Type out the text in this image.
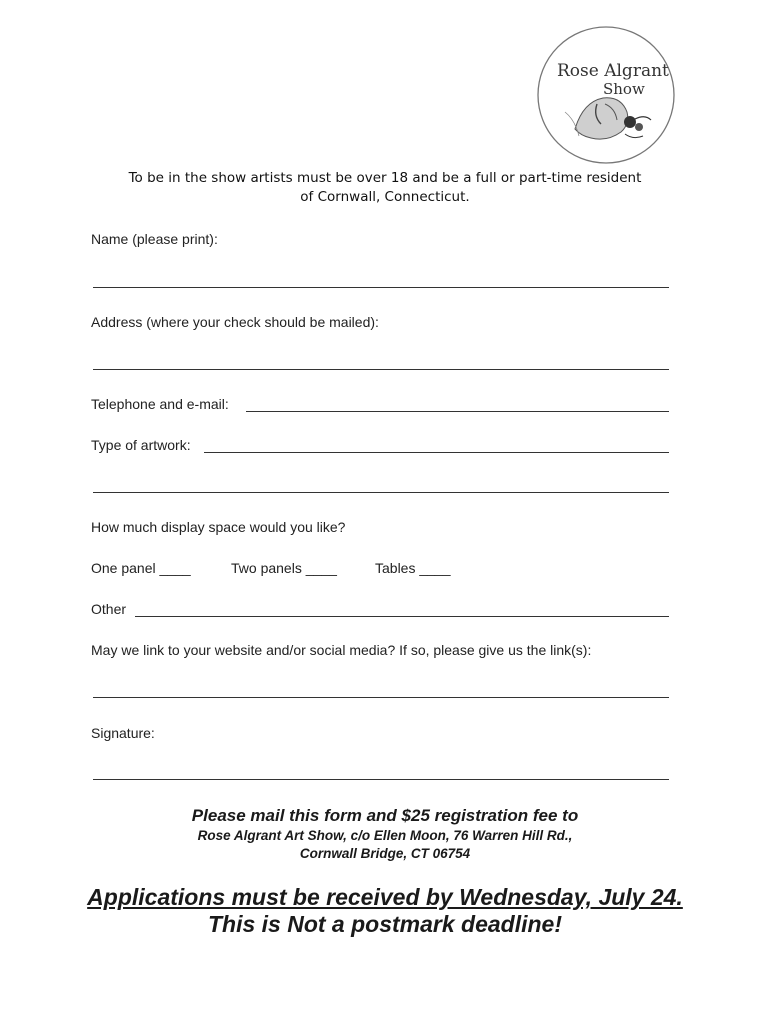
Rose Algrant
Show
To be in the show artists must be over 18 and be a full or part-time resident
of Cornwall, Connecticut.
Name (please print):
Address (where your check should be mailed):
Telephone and e-mail:
Type of artwork:
How much display space would you like?
One panel ____	Two panels ____	Tables ____
Other
May we link to your website and/or social media? If so, please give us the link(s):
Signature:
Please mail this form and $25 registration fee to
Rose Algrant Art Show, c/o Ellen Moon, 76 Warren Hill Rd.,
Cornwall Bridge, CT 06754
Applications must be received by Wednesday, July 24.
This is Not a postmark deadline!
